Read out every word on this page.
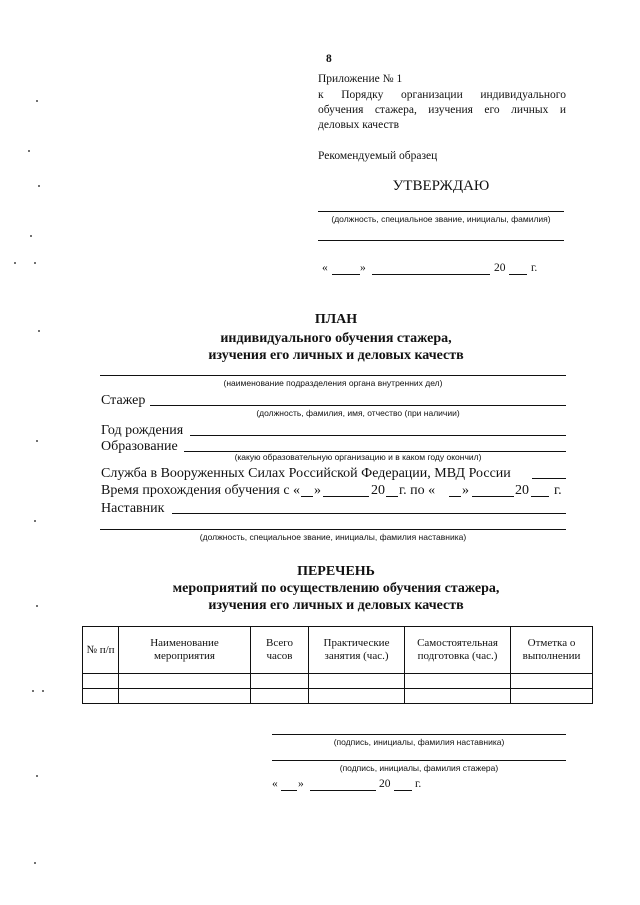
8
Приложение № 1
к Порядку организации индивидуального обучения стажера, изучения его личных и деловых качеств
Рекомендуемый образец
УТВЕРЖДАЮ
(должность, специальное звание, инициалы, фамилия)
«	»	20 г.
ПЛАН
индивидуального обучения стажера,
изучения его личных и деловых качеств
(наименование подразделения органа внутренних дел)
Стажер
(должность, фамилия, имя, отчество (при наличии)
Год рождения
Образование
(какую образовательную организацию и в каком году окончил)
Служба в Вооруженных Силах Российской Федерации, МВД России
Время прохождения обучения с « »	20 г. по « »	20 г.
Наставник
(должность, специальное звание, инициалы, фамилия наставника)
ПЕРЕЧЕНЬ
мероприятий по осуществлению обучения стажера,
изучения его личных и деловых качеств
№ п/п	Наименование мероприятия	Всего часов	Практические занятия (час.)	Самостоятельная подготовка (час.)	Отметка о выполнении

(подпись, инициалы, фамилия наставника)
(подпись, инициалы, фамилия стажера)
« »	20 г.
